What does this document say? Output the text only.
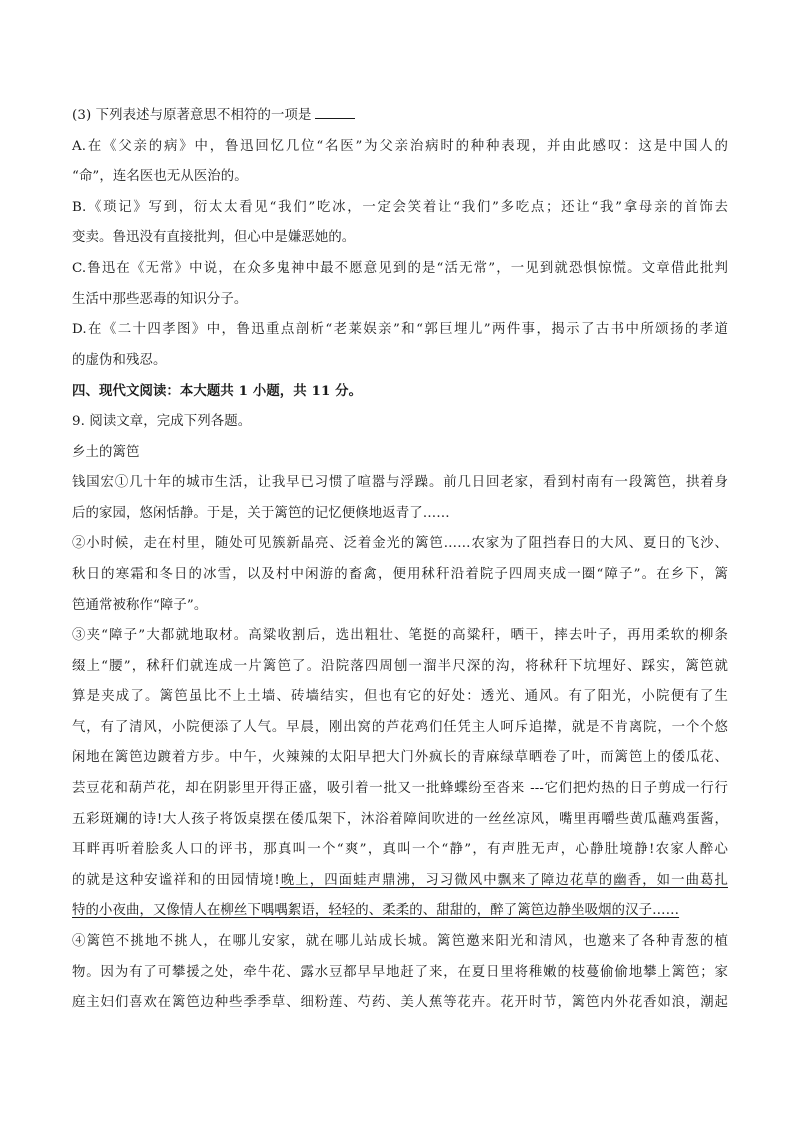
(3) 下列表述与原著意思不相符的一项是
A.在《父亲的病》中，鲁迅回忆几位“名医”为父亲治病时的种种表现，并由此感叹：这是中国人的
“命”，连名医也无从医治的。
B.《琐记》写到，衍太太看见“我们”吃冰，一定会笑着让“我们”多吃点；还让“我”拿母亲的首饰去
变卖。鲁迅没有直接批判，但心中是嫌恶她的。
C.鲁迅在《无常》中说，在众多鬼神中最不愿意见到的是“活无常”，一见到就恐惧惊慌。文章借此批判
生活中那些恶毒的知识分子。
D.在《二十四孝图》中，鲁迅重点剖析“老莱娱亲”和“郭巨埋儿”两件事，揭示了古书中所颂扬的孝道
的虚伪和残忍。
四、现代文阅读：本大题共 1 小题，共 11 分。
9. 阅读文章，完成下列各题。
乡土的篱笆
钱国宏①几十年的城市生活，让我早已习惯了喧嚣与浮躁。前几日回老家，看到村南有一段篱笆，拱着身
后的家园，悠闲恬静。于是，关于篱笆的记忆便倏地返青了……
②小时候，走在村里，随处可见簇新晶亮、泛着金光的篱笆……农家为了阻挡春日的大风、夏日的飞沙、
秋日的寒霜和冬日的冰雪，以及村中闲游的畜禽，便用秫秆沿着院子四周夹成一圈“障子”。在乡下，篱
笆通常被称作“障子”。
③夹“障子”大都就地取材。高粱收割后，选出粗壮、笔挺的高粱秆，晒干，摔去叶子，再用柔软的柳条
缀上“腰”，秫秆们就连成一片篱笆了。沿院落四周刨一溜半尺深的沟，将秫秆下坑埋好、踩实，篱笆就
算是夹成了。篱笆虽比不上土墙、砖墙结实，但也有它的好处：透光、通风。有了阳光，小院便有了生
气，有了清风，小院便添了人气。早晨，刚出窝的芦花鸡们任凭主人呵斥追撵，就是不肯离院，一个个悠
闲地在篱笆边踱着方步。中午，火辣辣的太阳早把大门外疯长的青麻绿草晒卷了叶，而篱笆上的倭瓜花、
芸豆花和葫芦花，却在阴影里开得正盛，吸引着一批又一批蜂蝶纷至沓来 ---它们把灼热的日子剪成一行行
五彩斑斓的诗!大人孩子将饭桌摆在倭瓜架下，沐浴着障间吹进的一丝丝凉风，嘴里再嚼些黄瓜蘸鸡蛋酱，
耳畔再听着脍炙人口的评书，那真叫一个“爽”，真叫一个“静”，有声胜无声，心静肚境静!农家人醉心
的就是这种安谧祥和的田园情境!晚上，四面蛙声鼎沸，习习微风中飘来了障边花草的幽香，如一曲葛扎
特的小夜曲，又像情人在柳丝下喁喁絮语，轻轻的、柔柔的、甜甜的，醉了篱笆边静坐吸烟的汉子……
④篱笆不挑地不挑人，在哪儿安家，就在哪儿站成长城。篱笆邀来阳光和清风，也邀来了各种青葱的植
物。因为有了可攀援之处，牵牛花、露水豆都早早地赶了来，在夏日里将稚嫩的枝蔓偷偷地攀上篱笆；家
庭主妇们喜欢在篱笆边种些季季草、细粉莲、芍药、美人蕉等花卉。花开时节，篱笆内外花香如浪，潮起
